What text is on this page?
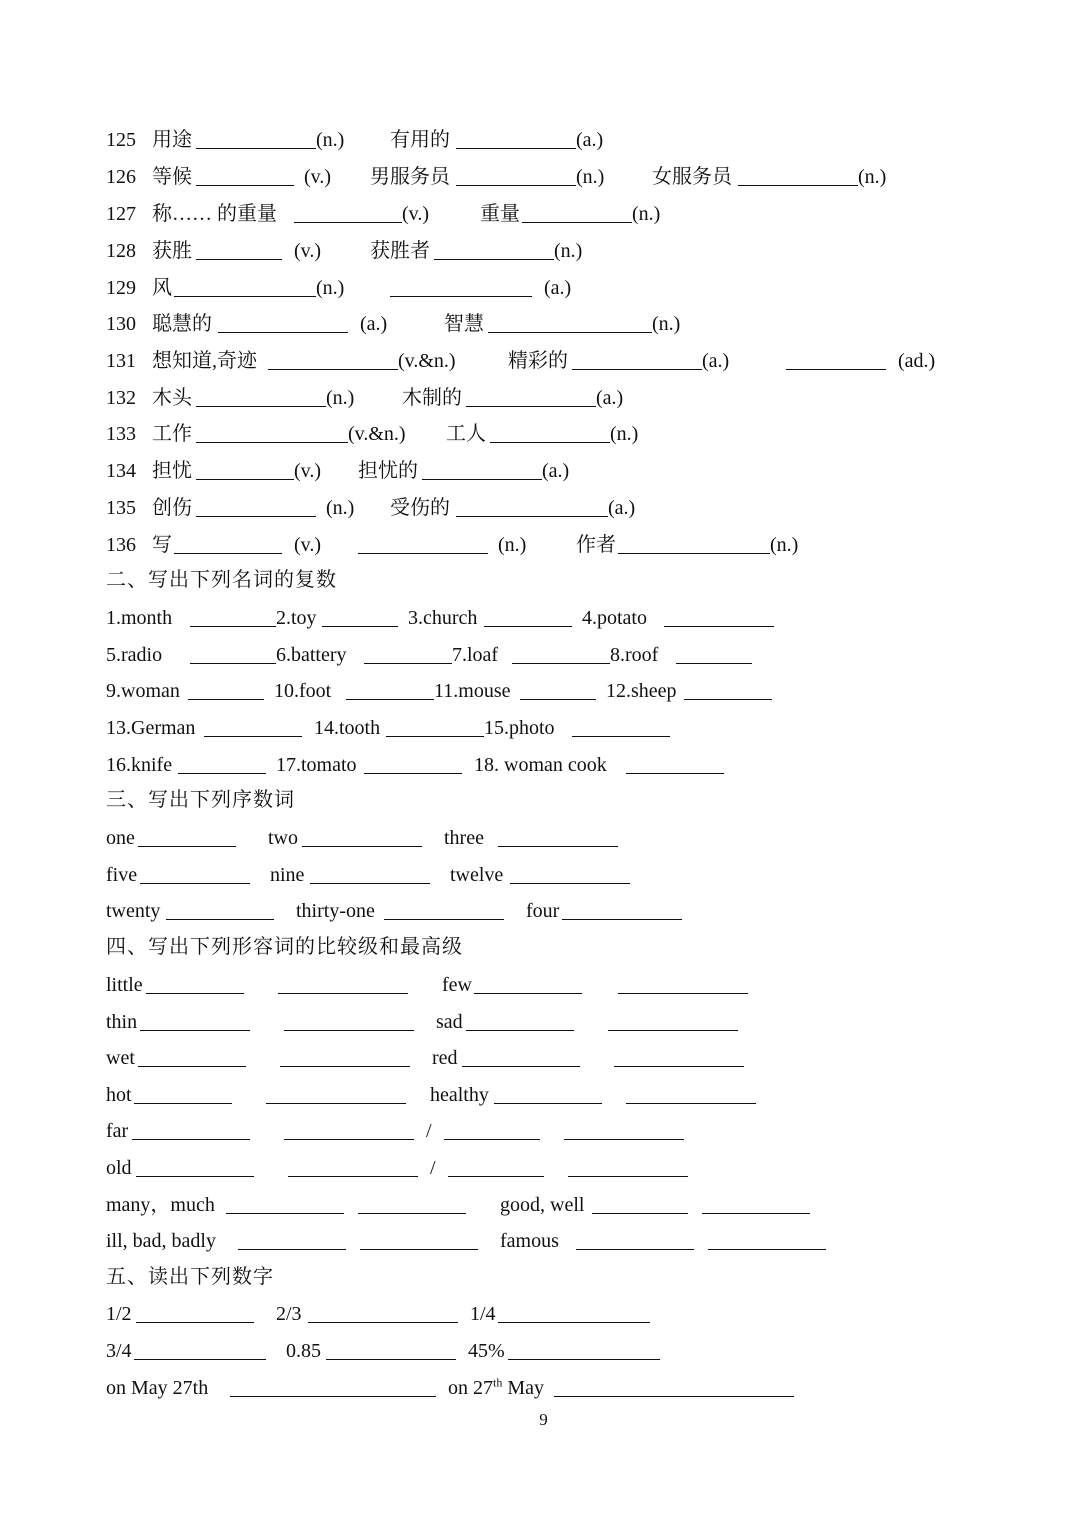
125 用途	(n.) 有用的	(a.)
126 等候	(v.) 男服务员	(n.) 女服务员	(n.)
127 称…… 的重量	(v.)	重量	(n.)
128 获胜	(v.) 获胜者	(n.)
129 风	(n.)	(a.)
130 聪慧的	(a.)	智慧	(n.)
131 想知道,奇迹	(v.&n.)	精彩的	(a.)	(ad.)
132 木头	(n.) 木制的	(a.)
133 工作	(v.&n.) 工人	(n.)
134 担忧	(v.) 担忧的	(a.)
135 创伤	(n.) 受伤的	(a.)
136 写	(v.)	(n.) 作者	(n.)
二、写出下列名词的复数
1.month	2.toy	3.church	4.potato
5.radio	6.battery	7.loaf	8.roof
9.woman	10.foot	11.mouse	12.sheep
13.German	14.tooth	15.photo
16.knife	17.tomato	18. woman cook
三、写出下列序数词
one	two	three
five	nine	twelve
twenty	thirty-one	four
四、写出下列形容词的比较级和最高级
little	few
thin	sad
wet	red
hot	healthy
far	/
old	/
many，much	good, well
ill, bad, badly	famous
五、读出下列数字
1/2	2/3	1/4
3/4	0.85	45%
on May 27th	on 27th May
9
